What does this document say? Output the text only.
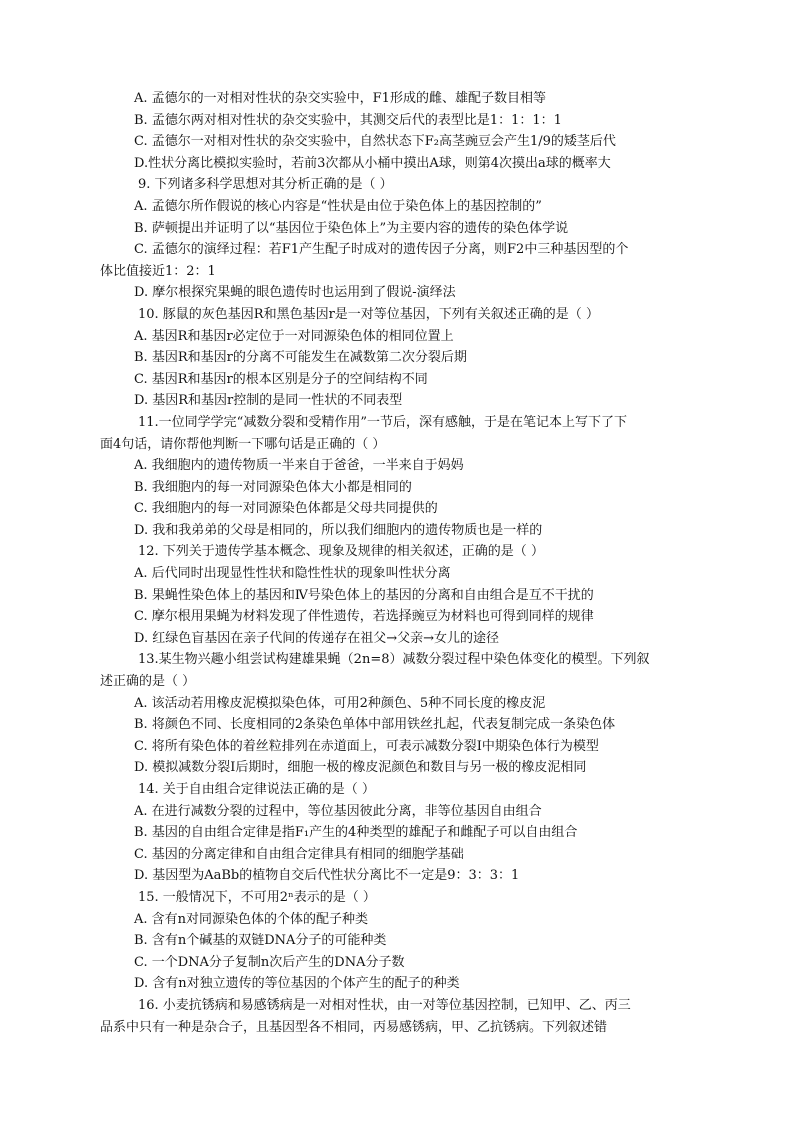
A. 孟德尔的一对相对性状的杂交实验中，F1形成的雌、雄配子数目相等
B. 孟德尔两对相对性状的杂交实验中，其测交后代的表型比是1：1：1：1
C. 孟德尔一对相对性状的杂交实验中，自然状态下F₂高茎豌豆会产生1/9的矮茎后代
D.性状分离比模拟实验时，若前3次都从小桶中摸出A球，则第4次摸出a球的概率大
9. 下列诸多科学思想对其分析正确的是（ ）
A. 孟德尔所作假说的核心内容是“性状是由位于染色体上的基因控制的”
B. 萨顿提出并证明了以“基因位于染色体上”为主要内容的遗传的染色体学说
C. 孟德尔的演绎过程：若F1产生配子时成对的遗传因子分离，则F2中三种基因型的个
体比值接近1：2：1
D. 摩尔根探究果蝇的眼色遗传时也运用到了假说-演绎法
10. 豚鼠的灰色基因R和黑色基因r是一对等位基因，下列有关叙述正确的是（ ）
A. 基因R和基因r必定位于一对同源染色体的相同位置上
B. 基因R和基因r的分离不可能发生在减数第二次分裂后期
C. 基因R和基因r的根本区别是分子的空间结构不同
D. 基因R和基因r控制的是同一性状的不同表型
11.一位同学学完“减数分裂和受精作用”一节后，深有感触，于是在笔记本上写下了下
面4句话，请你帮他判断一下哪句话是正确的（ ）
A. 我细胞内的遗传物质一半来自于爸爸，一半来自于妈妈
B. 我细胞内的每一对同源染色体大小都是相同的
C. 我细胞内的每一对同源染色体都是父母共同提供的
D. 我和我弟弟的父母是相同的，所以我们细胞内的遗传物质也是一样的
12. 下列关于遗传学基本概念、现象及规律的相关叙述，正确的是（ ）
A. 后代同时出现显性性状和隐性性状的现象叫性状分离
B. 果蝇性染色体上的基因和Ⅳ号染色体上的基因的分离和自由组合是互不干扰的
C. 摩尔根用果蝇为材料发现了伴性遗传，若选择豌豆为材料也可得到同样的规律
D. 红绿色盲基因在亲子代间的传递存在祖父→父亲→女儿的途径
13.某生物兴趣小组尝试构建雄果蝇（2n=8）减数分裂过程中染色体变化的模型。下列叙
述正确的是（ ）
A. 该活动若用橡皮泥模拟染色体，可用2种颜色、5种不同长度的橡皮泥
B. 将颜色不同、长度相同的2条染色单体中部用铁丝扎起，代表复制完成一条染色体
C. 将所有染色体的着丝粒排列在赤道面上，可表示减数分裂Ⅰ中期染色体行为模型
D. 模拟减数分裂Ⅰ后期时，细胞一极的橡皮泥颜色和数目与另一极的橡皮泥相同
14. 关于自由组合定律说法正确的是（ ）
A. 在进行减数分裂的过程中，等位基因彼此分离，非等位基因自由组合
B. 基因的自由组合定律是指F₁产生的4种类型的雄配子和雌配子可以自由组合
C. 基因的分离定律和自由组合定律具有相同的细胞学基础
D. 基因型为AaBb的植物自交后代性状分离比不一定是9：3：3：1
15. 一般情况下，不可用2ⁿ表示的是（ ）
A. 含有n对同源染色体的个体的配子种类
B. 含有n个碱基的双链DNA分子的可能种类
C. 一个DNA分子复制n次后产生的DNA分子数
D. 含有n对独立遗传的等位基因的个体产生的配子的种类
16. 小麦抗锈病和易感锈病是一对相对性状，由一对等位基因控制，已知甲、乙、丙三
品系中只有一种是杂合子，且基因型各不相同，丙易感锈病，甲、乙抗锈病。下列叙述错
